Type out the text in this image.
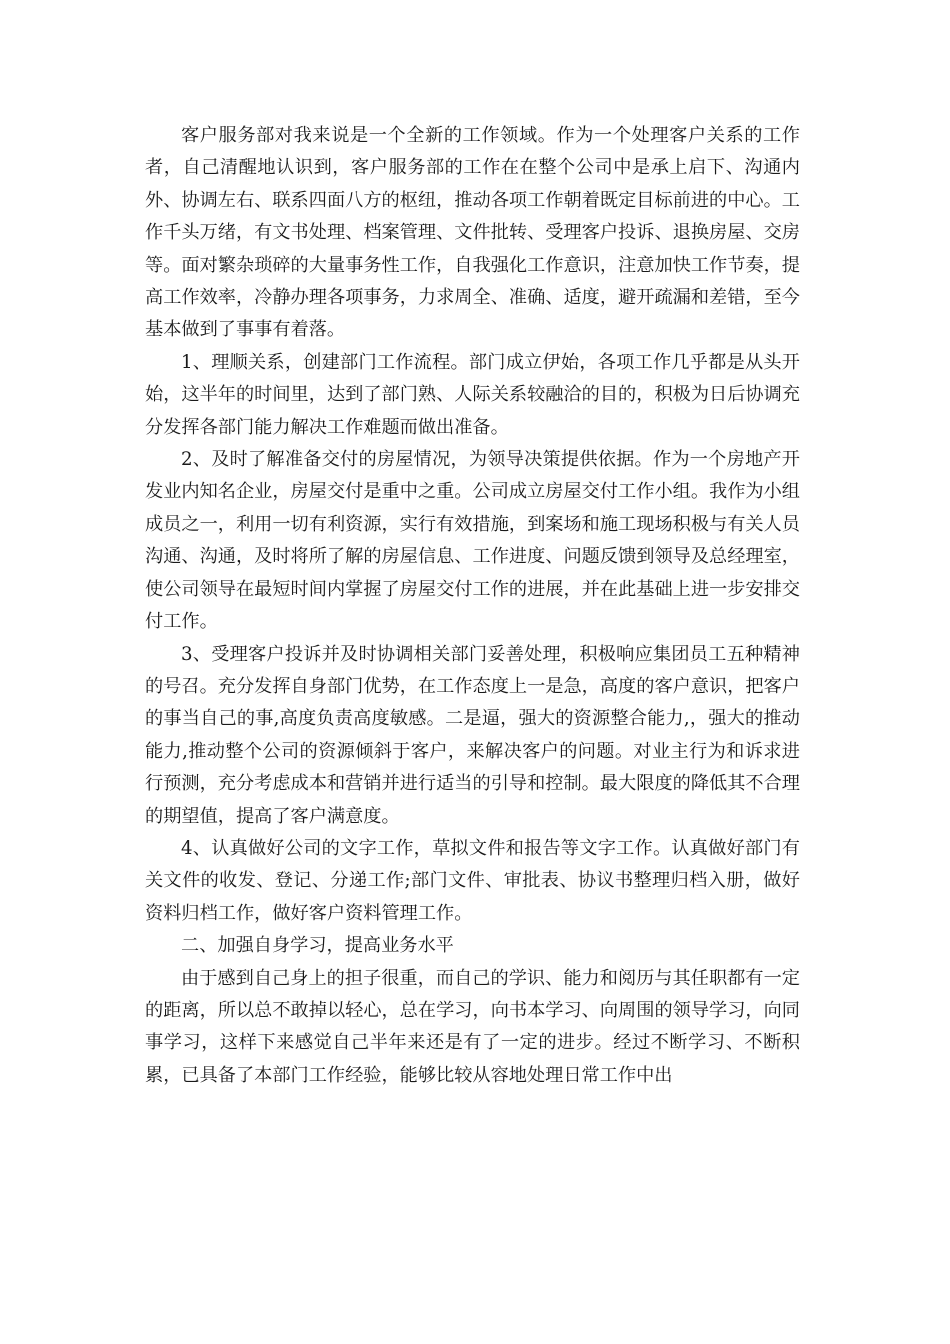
客户服务部对我来说是一个全新的工作领域。作为一个处理客户关系的工作者，自己清醒地认识到，客户服务部的工作在在整个公司中是承上启下、沟通内外、协调左右、联系四面八方的枢纽，推动各项工作朝着既定目标前进的中心。工作千头万绪，有文书处理、档案管理、文件批转、受理客户投诉、退换房屋、交房等。面对繁杂琐碎的大量事务性工作，自我强化工作意识，注意加快工作节奏，提高工作效率，冷静办理各项事务，力求周全、准确、适度，避开疏漏和差错，至今基本做到了事事有着落。

1、理顺关系，创建部门工作流程。部门成立伊始，各项工作几乎都是从头开始，这半年的时间里，达到了部门熟、人际关系较融洽的目的，积极为日后协调充分发挥各部门能力解决工作难题而做出准备。

2、及时了解准备交付的房屋情况，为领导决策提供依据。作为一个房地产开发业内知名企业，房屋交付是重中之重。公司成立房屋交付工作小组。我作为小组成员之一，利用一切有利资源，实行有效措施，到案场和施工现场积极与有关人员沟通、沟通，及时将所了解的房屋信息、工作进度、问题反馈到领导及总经理室，使公司领导在最短时间内掌握了房屋交付工作的进展，并在此基础上进一步安排交付工作。

3、受理客户投诉并及时协调相关部门妥善处理，积极响应集团员工五种精神的号召。充分发挥自身部门优势，在工作态度上一是急，高度的客户意识，把客户的事当自己的事,高度负责高度敏感。二是逼，强大的资源整合能力,，强大的推动能力,推动整个公司的资源倾斜于客户，来解决客户的问题。对业主行为和诉求进行预测，充分考虑成本和营销并进行适当的引导和控制。最大限度的降低其不合理的期望值，提高了客户满意度。

4、认真做好公司的文字工作，草拟文件和报告等文字工作。认真做好部门有关文件的收发、登记、分递工作;部门文件、审批表、协议书整理归档入册，做好资料归档工作，做好客户资料管理工作。

二、加强自身学习，提高业务水平

由于感到自己身上的担子很重，而自己的学识、能力和阅历与其任职都有一定的距离，所以总不敢掉以轻心，总在学习，向书本学习、向周围的领导学习，向同事学习，这样下来感觉自己半年来还是有了一定的进步。经过不断学习、不断积累，已具备了本部门工作经验，能够比较从容地处理日常工作中出
